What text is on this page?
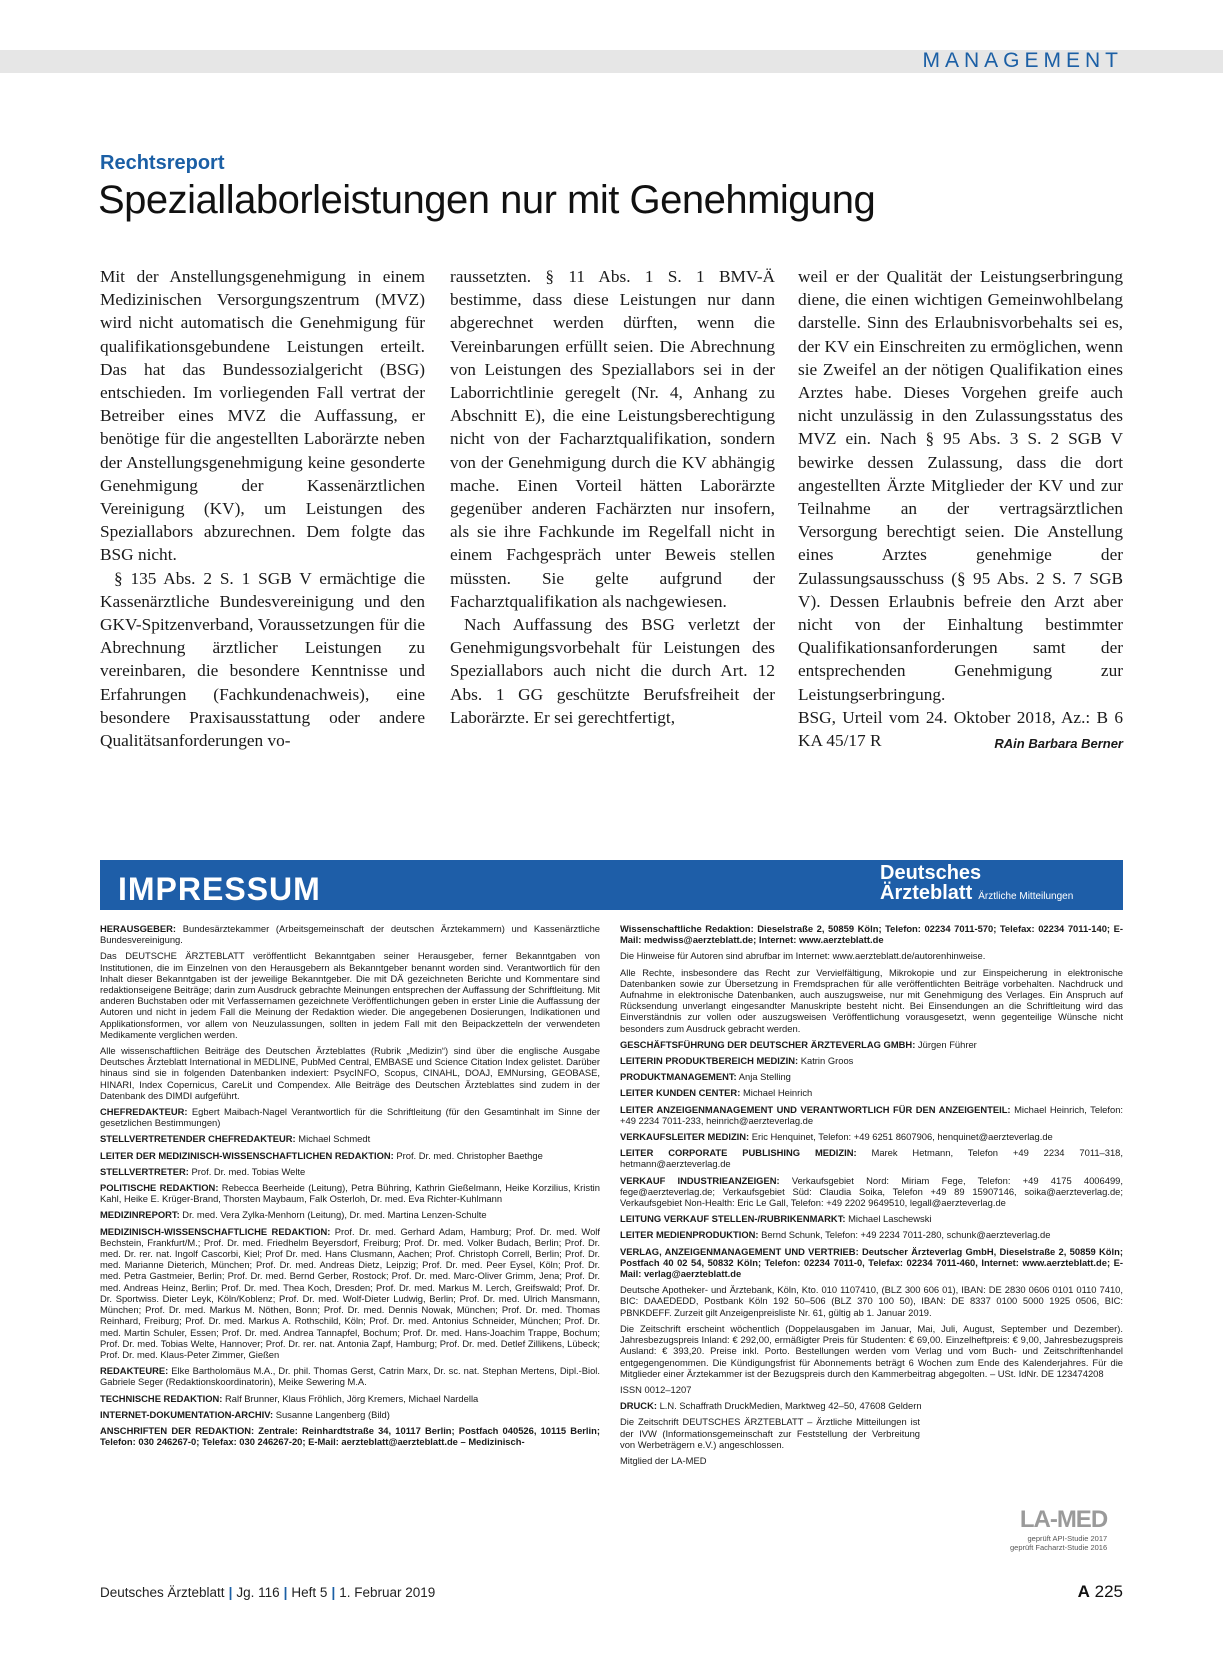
MANAGEMENT
Rechtsreport
Speziallaborleistungen nur mit Genehmigung

Mit der Anstellungsgenehmigung in einem Medizinischen Versorgungszentrum (MVZ) wird nicht automatisch die Genehmigung für qualifikationsgebundene Leistungen erteilt. Das hat das Bundessozialgericht (BSG) entschieden. Im vorliegenden Fall vertrat der Betreiber eines MVZ die Auffassung, er benötige für die angestellten Laborärzte neben der Anstellungsgenehmigung keine gesonderte Genehmigung der Kassenärztlichen Vereinigung (KV), um Leistungen des Speziallabors abzurechnen. Dem folgte das BSG nicht.

§ 135 Abs. 2 S. 1 SGB V ermächtige die Kassenärztliche Bundesvereinigung und den GKV-Spitzenverband, Voraussetzungen für die Abrechnung ärztlicher Leistungen zu vereinbaren, die besondere Kenntnisse und Erfahrungen (Fachkundenachweis), eine besondere Praxisausstattung oder andere Qualitätsanforderungen vo-

raussetzten. § 11 Abs. 1 S. 1 BMV-Ä bestimme, dass diese Leistungen nur dann abgerechnet werden dürften, wenn die Vereinbarungen erfüllt seien. Die Abrechnung von Leistungen des Speziallabors sei in der Laborrichtlinie geregelt (Nr. 4, Anhang zu Abschnitt E), die eine Leistungsberechtigung nicht von der Facharztqualifikation, sondern von der Genehmigung durch die KV abhängig mache. Einen Vorteil hätten Laborärzte gegenüber anderen Fachärzten nur insofern, als sie ihre Fachkunde im Regelfall nicht in einem Fachgespräch unter Beweis stellen müssten. Sie gelte aufgrund der Facharztqualifikation als nachgewiesen.

Nach Auffassung des BSG verletzt der Genehmigungsvorbehalt für Leistungen des Speziallabors auch nicht die durch Art. 12 Abs. 1 GG geschützte Berufsfreiheit der Laborärzte. Er sei gerechtfertigt,

weil er der Qualität der Leistungserbringung diene, die einen wichtigen Gemeinwohlbelang darstelle. Sinn des Erlaubnisvorbehalts sei es, der KV ein Einschreiten zu ermöglichen, wenn sie Zweifel an der nötigen Qualifikation eines Arztes habe. Dieses Vorgehen greife auch nicht unzulässig in den Zulassungsstatus des MVZ ein. Nach § 95 Abs. 3 S. 2 SGB V bewirke dessen Zulassung, dass die dort angestellten Ärzte Mitglieder der KV und zur Teilnahme an der vertragsärztlichen Versorgung berechtigt seien. Die Anstellung eines Arztes genehmige der Zulassungsausschuss (§ 95 Abs. 2 S. 7 SGB V). Dessen Erlaubnis befreie den Arzt aber nicht von der Einhaltung bestimmter Qualifikationsanforderungen samt der entsprechenden Genehmigung zur Leistungserbringung.

BSG, Urteil vom 24. Oktober 2018, Az.: B 6 KA 45/17 R	RAin Barbara Berner

IMPRESSUM	Deutsches
Ärzteblatt Ärztliche Mitteilungen

HERAUSGEBER: Bundesärztekammer (Arbeitsgemeinschaft der deutschen Ärztekammern) und Kassenärztliche Bundesvereinigung.

Das DEUTSCHE ÄRZTEBLATT veröffentlicht Bekanntgaben seiner Herausgeber, ferner Bekanntgaben von Institutionen, die im Einzelnen von den Herausgebern als Bekanntgeber benannt worden sind. Verantwortlich für den Inhalt dieser Bekanntgaben ist der jeweilige Bekanntgeber. Die mit DÄ gezeichneten Berichte und Kommentare sind redaktionseigene Beiträge; darin zum Ausdruck gebrachte Meinungen entsprechen der Auffassung der Schriftleitung. Mit anderen Buchstaben oder mit Verfassernamen gezeichnete Veröffentlichungen geben in erster Linie die Auffassung der Autoren und nicht in jedem Fall die Meinung der Redaktion wieder. Die angegebenen Dosierungen, Indikationen und Applikationsformen, vor allem von Neuzulassungen, sollten in jedem Fall mit den Beipackzetteln der verwendeten Medikamente verglichen werden.

Alle wissenschaftlichen Beiträge des Deutschen Ärzteblattes (Rubrik „Medizin“) sind über die englische Ausgabe Deutsches Ärzteblatt International in MEDLINE, PubMed Central, EMBASE und Science Citation Index gelistet. Darüber hinaus sind sie in folgenden Datenbanken indexiert: PsycINFO, Scopus, CINAHL, DOAJ, EMNursing, GEOBASE, HINARI, Index Copernicus, CareLit und Compendex. Alle Beiträge des Deutschen Ärzteblattes sind zudem in der Datenbank des DIMDI aufgeführt.

CHEFREDAKTEUR: Egbert Maibach-Nagel Verantwortlich für die Schriftleitung (für den Gesamtinhalt im Sinne der gesetzlichen Bestimmungen)

STELLVERTRETENDER CHEFREDAKTEUR: Michael Schmedt

LEITER DER MEDIZINISCH-WISSENSCHAFTLICHEN REDAKTION: Prof. Dr. med. Christopher Baethge

STELLVERTRETER: Prof. Dr. med. Tobias Welte

POLITISCHE REDAKTION: Rebecca Beerheide (Leitung), Petra Bühring, Kathrin Gießelmann, Heike Korzilius, Kristin Kahl, Heike E. Krüger-Brand, Thorsten Maybaum, Falk Osterloh, Dr. med. Eva Richter-Kuhlmann

MEDIZINREPORT: Dr. med. Vera Zylka-Menhorn (Leitung), Dr. med. Martina Lenzen-Schulte

MEDIZINISCH-WISSENSCHAFTLICHE REDAKTION: Prof. Dr. med. Gerhard Adam, Hamburg; Prof. Dr. med. Wolf Bechstein, Frankfurt/M.; Prof. Dr. med. Friedhelm Beyersdorf, Freiburg; Prof. Dr. med. Volker Budach, Berlin; Prof. Dr. med. Dr. rer. nat. Ingolf Cascorbi, Kiel; Prof Dr. med. Hans Clusmann, Aachen; Prof. Christoph Correll, Berlin; Prof. Dr. med. Marianne Dieterich, München; Prof. Dr. med. Andreas Dietz, Leipzig; Prof. Dr. med. Peer Eysel, Köln; Prof. Dr. med. Petra Gastmeier, Berlin; Prof. Dr. med. Bernd Gerber, Rostock; Prof. Dr. med. Marc-Oliver Grimm, Jena; Prof. Dr. med. Andreas Heinz, Berlin; Prof. Dr. med. Thea Koch, Dresden; Prof. Dr. med. Markus M. Lerch, Greifswald; Prof. Dr. Dr. Sportwiss. Dieter Leyk, Köln/Koblenz; Prof. Dr. med. Wolf-Dieter Ludwig, Berlin; Prof. Dr. med. Ulrich Mansmann, München; Prof. Dr. med. Markus M. Nöthen, Bonn; Prof. Dr. med. Dennis Nowak, München; Prof. Dr. med. Thomas Reinhard, Freiburg; Prof. Dr. med. Markus A. Rothschild, Köln; Prof. Dr. med. Antonius Schneider, München; Prof. Dr. med. Martin Schuler, Essen; Prof. Dr. med. Andrea Tannapfel, Bochum; Prof. Dr. med. Hans-Joachim Trappe, Bochum; Prof. Dr. med. Tobias Welte, Hannover; Prof. Dr. rer. nat. Antonia Zapf, Hamburg; Prof. Dr. med. Detlef Zillikens, Lübeck; Prof. Dr. med. Klaus-Peter Zimmer, Gießen

REDAKTEURE: Elke Bartholomäus M.A., Dr. phil. Thomas Gerst, Catrin Marx, Dr. sc. nat. Stephan Mertens, Dipl.-Biol. Gabriele Seger (Redaktionskoordinatorin), Meike Sewering M.A.

TECHNISCHE REDAKTION: Ralf Brunner, Klaus Fröhlich, Jörg Kremers, Michael Nardella

INTERNET-DOKUMENTATION-ARCHIV: Susanne Langenberg (Bild)

ANSCHRIFTEN DER REDAKTION: Zentrale: Reinhardtstraße 34, 10117 Berlin; Postfach 040526, 10115 Berlin; Telefon: 030 246267-0; Telefax: 030 246267-20; E-Mail: aerzteblatt@aerzteblatt.de – Medizinisch-

Wissenschaftliche Redaktion: Dieselstraße 2, 50859 Köln; Telefon: 02234 7011-570; Telefax: 02234 7011-140; E-Mail: medwiss@aerzteblatt.de; Internet: www.aerzteblatt.de

Die Hinweise für Autoren sind abrufbar im Internet: www.aerzteblatt.de/autorenhinweise.

Alle Rechte, insbesondere das Recht zur Vervielfältigung, Mikrokopie und zur Einspeicherung in elektronische Datenbanken sowie zur Übersetzung in Fremdsprachen für alle veröffentlichten Beiträge vorbehalten. Nachdruck und Aufnahme in elektronische Datenbanken, auch auszugsweise, nur mit Genehmigung des Verlages. Ein Anspruch auf Rücksendung unverlangt eingesandter Manuskripte besteht nicht. Bei Einsendungen an die Schriftleitung wird das Einverständnis zur vollen oder auszugsweisen Veröffentlichung vorausgesetzt, wenn gegenteilige Wünsche nicht besonders zum Ausdruck gebracht werden.

GESCHÄFTSFÜHRUNG DER DEUTSCHER ÄRZTEVERLAG GMBH: Jürgen Führer

LEITERIN PRODUKTBEREICH MEDIZIN: Katrin Groos

PRODUKTMANAGEMENT: Anja Stelling

LEITER KUNDEN CENTER: Michael Heinrich

LEITER ANZEIGENMANAGEMENT UND VERANTWORTLICH FÜR DEN ANZEIGENTEIL: Michael Heinrich, Telefon: +49 2234 7011-233, heinrich@aerzteverlag.de

VERKAUFSLEITER MEDIZIN: Eric Henquinet, Telefon: +49 6251 8607906, henquinet@aerzteverlag.de

LEITER CORPORATE PUBLISHING MEDIZIN: Marek Hetmann, Telefon +49 2234 7011–318, hetmann@aerzteverlag.de

VERKAUF INDUSTRIEANZEIGEN: Verkaufsgebiet Nord: Miriam Fege, Telefon: +49 4175 4006499, fege@aerzteverlag.de; Verkaufsgebiet Süd: Claudia Soika, Telefon +49 89 15907146, soika@aerzteverlag.de; Verkaufsgebiet Non-Health: Eric Le Gall, Telefon: +49 2202 9649510, legall@aerzteverlag.de

LEITUNG VERKAUF STELLEN-/RUBRIKENMARKT: Michael Laschewski

LEITER MEDIENPRODUKTION: Bernd Schunk, Telefon: +49 2234 7011-280, schunk@aerzteverlag.de

VERLAG, ANZEIGENMANAGEMENT UND VERTRIEB: Deutscher Ärzteverlag GmbH, Dieselstraße 2, 50859 Köln; Postfach 40 02 54, 50832 Köln; Telefon: 02234 7011-0, Telefax: 02234 7011-460, Internet: www.aerzteblatt.de; E-Mail: verlag@aerzteblatt.de

Deutsche Apotheker- und Ärztebank, Köln, Kto. 010 1107410, (BLZ 300 606 01), IBAN: DE 2830 0606 0101 0110 7410, BIC: DAAEDEDD, Postbank Köln 192 50–506 (BLZ 370 100 50), IBAN: DE 8337 0100 5000 1925 0506, BIC: PBNKDEFF. Zurzeit gilt Anzeigenpreisliste Nr. 61, gültig ab 1. Januar 2019.

Die Zeitschrift erscheint wöchentlich (Doppelausgaben im Januar, Mai, Juli, August, September und Dezember). Jahresbezugspreis Inland: € 292,00, ermäßigter Preis für Studenten: € 69,00. Einzelheftpreis: € 9,00, Jahresbezugspreis Ausland: € 393,20. Preise inkl. Porto. Bestellungen werden vom Verlag und vom Buch- und Zeitschriftenhandel entgegengenommen. Die Kündigungsfrist für Abonnements beträgt 6 Wochen zum Ende des Kalenderjahres. Für die Mitglieder einer Ärztekammer ist der Bezugspreis durch den Kammerbeitrag abgegolten. – USt. IdNr. DE 123474208

ISSN 0012–1207

DRUCK: L.N. Schaffrath DruckMedien, Marktweg 42–50, 47608 Geldern

Die Zeitschrift DEUTSCHES ÄRZTEBLATT – Ärztliche Mitteilungen ist der IVW (Informationsgemeinschaft zur Feststellung der Verbreitung von Werbeträgern e.V.) angeschlossen.

Mitglied der LA-MED

LA-MED
geprüft API-Studie 2017
geprüft Facharzt-Studie 2016
Deutsches Ärzteblatt | Jg. 116 | Heft 5 | 1. Februar 2019	A 225
